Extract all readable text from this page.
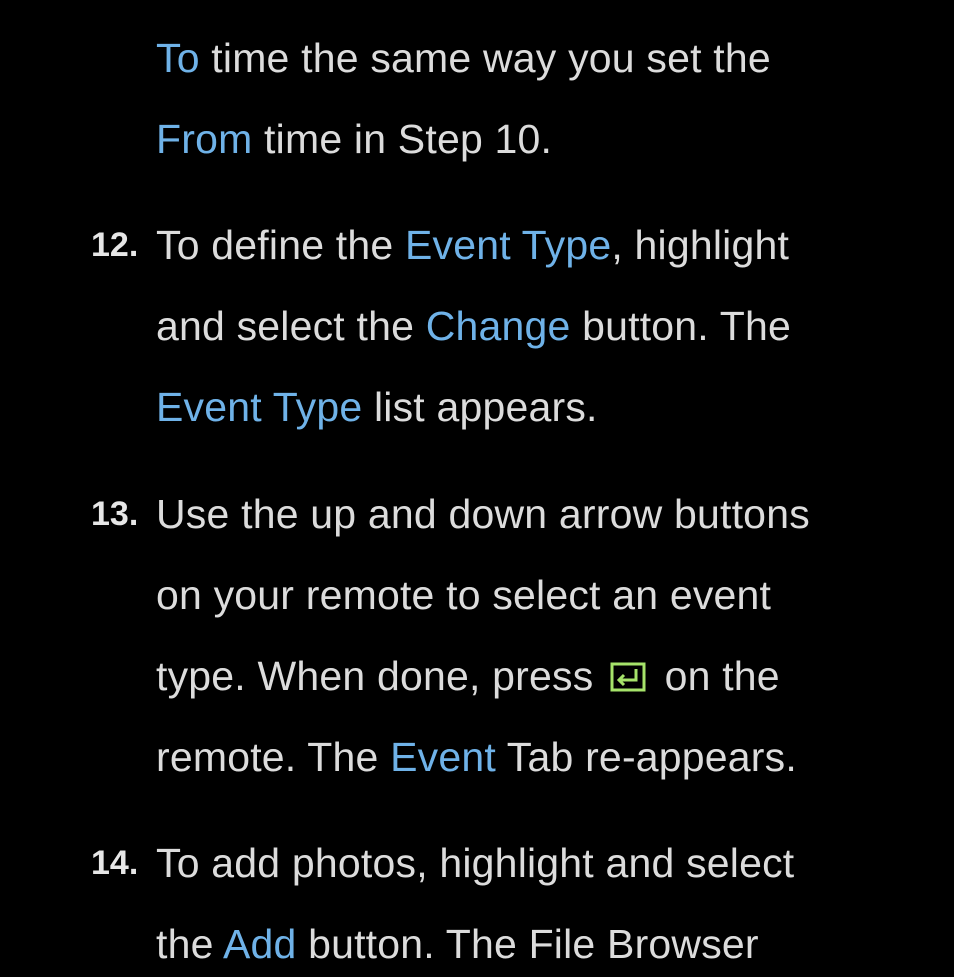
To time the same way you set the
From time in Step 10.
12. To define the Event Type, highlight
and select the Change button. The
Event Type list appears.
13. Use the up and down arrow buttons
on your remote to select an event
type. When done, press  on the
remote. The Event Tab re-appears.
14. To add photos, highlight and select
the Add button. The File Browser
